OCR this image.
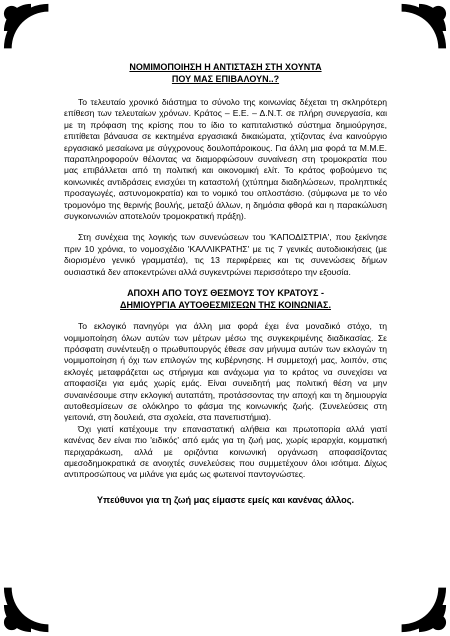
ΝΟΜΙΜΟΠΟΙΗΣΗ Η ΑΝΤΙΣΤΑΣΗ ΣΤΗ ΧΟΥΝΤΑ
ΠΟΥ ΜΑΣ ΕΠΙΒΑΛΟΥΝ..?

Το τελευταίο χρονικό διάστημα το σύνολο της κοινωνίας δέχεται τη σκληρότερη επίθεση των τελευταίων χρόνων. Κράτος – Ε.Ε. – Δ.Ν.Τ. σε πλήρη συνεργασία, και με τη πρόφαση της κρίσης που το ίδιο το καπιταλιστικό σύστημα δημιούργησε, επιτίθεται βάναυσα σε κεκτημένα εργασιακά δικαιώματα, χτίζοντας ένα καινούργιο εργασιακό μεσαίωνα με σύγχρονους δουλοπάροικους. Για άλλη μια φορά τα Μ.Μ.Ε. παραπληροφορούν θέλοντας να διαμορφώσουν συναίνεση στη τρομοκρατία που μας επιβάλλεται από τη πολιτική και οικονομική ελίτ. Το κράτος φοβούμενο τις κοινωνικές αντιδράσεις ενισχύει τη καταστολή (χτύπημα διαδηλώσεων, προληπτικές προσαγωγές, αστυνομοκρατία) και το νομικό του οπλοστάσιο. (σύμφωνα με το νέο τρομονόμο της θερινής βουλής, μεταξύ άλλων, η δημόσια φθορά και η παρακώλυση συγκοινωνιών αποτελούν τρομοκρατική πράξη).

Στη συνέχεια της λογικής των συνενώσεων του 'ΚΑΠΟΔΙΣΤΡΙΑ', που ξεκίνησε πριν 10 χρόνια, το νομοσχέδιο 'ΚΑΛΛΙΚΡΑΤΗΣ' με τις 7 γενικές αυτοδιοικήσεις (με διορισμένο γενικό γραμματέα), τις 13 περιφέρειες και τις συνενώσεις δήμων ουσιαστικά δεν αποκεντρώνει αλλά συγκεντρώνει περισσότερο την εξουσία.

ΑΠΟΧΗ ΑΠΟ ΤΟΥΣ ΘΕΣΜΟΥΣ ΤΟΥ ΚΡΑΤΟΥΣ -
ΔΗΜΙΟΥΡΓΙΑ ΑΥΤΟΘΕΣΜΙΣΕΩΝ ΤΗΣ ΚΟΙΝΩΝΙΑΣ.

Το εκλογικό πανηγύρι για άλλη μια φορά έχει ένα μοναδικό στόχο, τη νομιμοποίηση όλων αυτών των μέτρων μέσω της συγκεκριμένης διαδικασίας. Σε πρόσφατη συνέντευξη ο πρωθυπουργός έθεσε σαν μήνυμα αυτών των εκλογών τη νομιμοποίηση ή όχι των επιλογών της κυβέρνησης. Η συμμετοχή μας, λοιπόν, στις εκλογές μεταφράζεται ως στήριγμα και ανάχωμα για το κράτος να συνεχίσει να αποφασίζει για εμάς χωρίς εμάς. Είναι συνειδητή μας πολιτική θέση να μην συναινέσουμε στην εκλογική αυταπάτη, προτάσσοντας την αποχή και τη δημιουργία αυτοθεσμίσεων σε ολόκληρο το φάσμα της κοινωνικής ζωής. (Συνελεύσεις στη γειτονιά, στη δουλειά, στα σχολεία, στα πανεπιστήμια).

Όχι γιατί κατέχουμε την επαναστατική αλήθεια και πρωτοπορία αλλά γιατί κανένας δεν είναι πιο 'ειδικός' από εμάς για τη ζωή μας, χωρίς ιεραρχία, κομματική περιχαράκωση, αλλά με οριζόντια κοινωνική οργάνωση αποφασίζοντας αμεσοδημοκρατικά σε ανοιχτές συνελεύσεις που συμμετέχουν όλοι ισότιμα. Δίχως αντιπροσώπους να μιλάνε για εμάς ως φωτεινοί παντογνώστες.

Υπεύθυνοι για τη ζωή μας είμαστε εμείς και κανένας άλλος.
